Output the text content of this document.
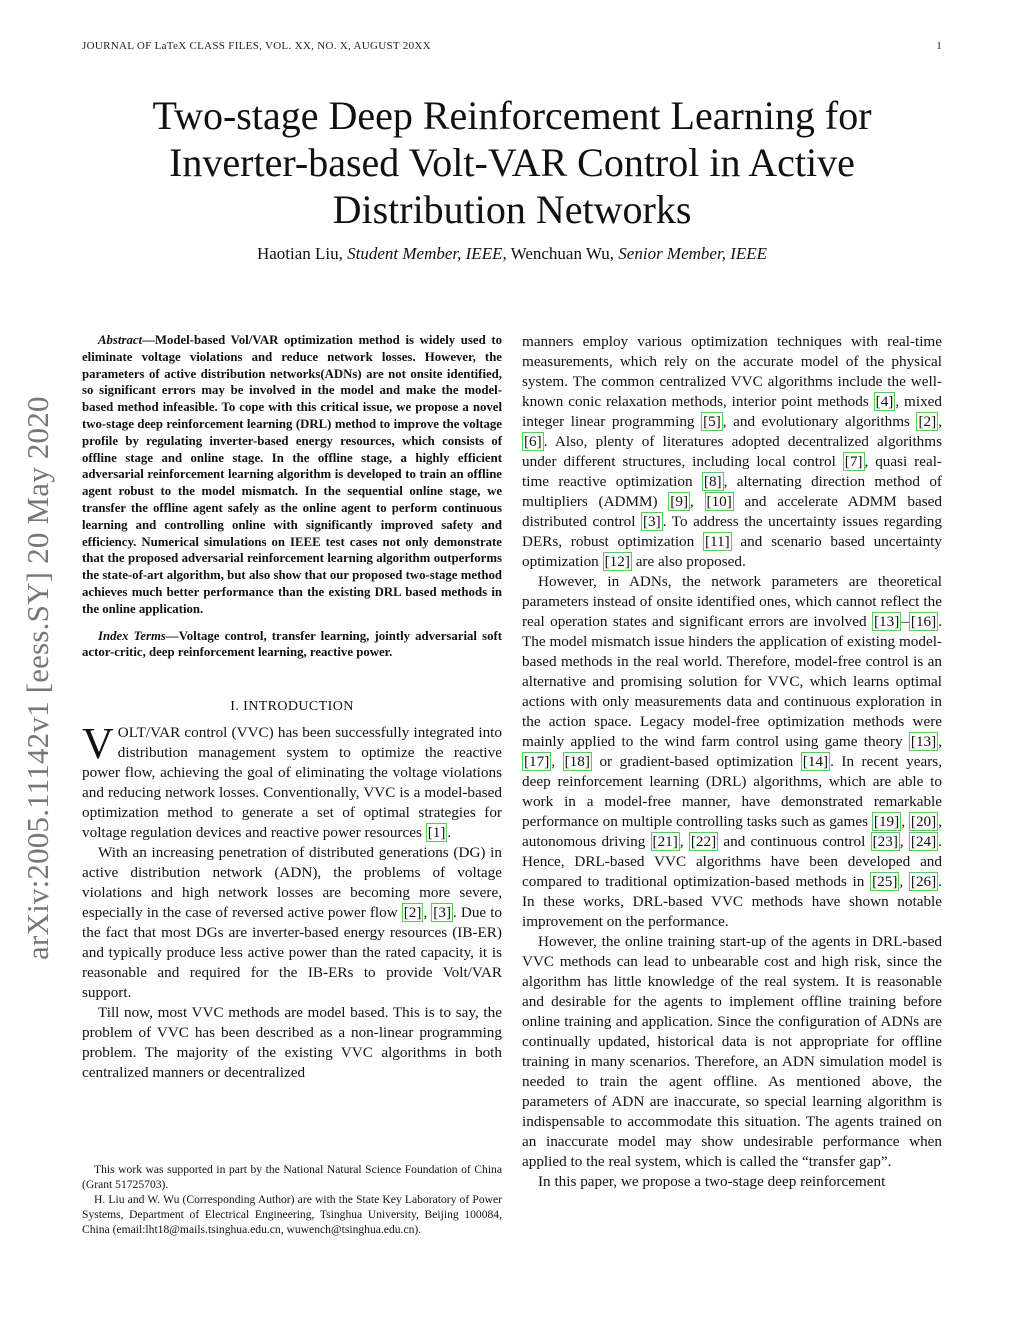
JOURNAL OF LaTeX CLASS FILES, VOL. XX, NO. X, AUGUST 20XX	1
Two-stage Deep Reinforcement Learning for
Inverter-based Volt-VAR Control in Active
Distribution Networks
Haotian Liu, Student Member, IEEE, Wenchuan Wu, Senior Member, IEEE
arXiv:2005.11142v1 [eess.SY] 20 May 2020

Abstract—Model-based Vol/VAR optimization method is widely used to eliminate voltage violations and reduce network losses. However, the parameters of active distribution networks(ADNs) are not onsite identified, so significant errors may be involved in the model and make the model-based method infeasible. To cope with this critical issue, we propose a novel two-stage deep reinforcement learning (DRL) method to improve the voltage profile by regulating inverter-based energy resources, which consists of offline stage and online stage. In the offline stage, a highly efficient adversarial reinforcement learning algorithm is developed to train an offline agent robust to the model mismatch. In the sequential online stage, we transfer the offline agent safely as the online agent to perform continuous learning and controlling online with significantly improved safety and efficiency. Numerical simulations on IEEE test cases not only demonstrate that the proposed adversarial reinforcement learning algorithm outperforms the state-of-art algorithm, but also show that our proposed two-stage method achieves much better performance than the existing DRL based methods in the online application.

Index Terms—Voltage control, transfer learning, jointly adversarial soft actor-critic, deep reinforcement learning, reactive power.

I. INTRODUCTION

VOLT/VAR control (VVC) has been successfully integrated into distribution management system to optimize the reactive power flow, achieving the goal of eliminating the voltage violations and reducing network losses. Conventionally, VVC is a model-based optimization method to generate a set of optimal strategies for voltage regulation devices and reactive power resources [1] .

With an increasing penetration of distributed generations (DG) in active distribution network (ADN), the problems of voltage violations and high network losses are becoming more severe, especially in the case of reversed active power flow [2] , [3] . Due to the fact that most DGs are inverter-based energy resources (IB-ER) and typically produce less active power than the rated capacity, it is reasonable and required for the IB-ERs to provide Volt/VAR support.

Till now, most VVC methods are model based. This is to say, the problem of VVC has been described as a non-linear programming problem. The majority of the existing VVC algorithms in both centralized manners or decentralized

This work was supported in part by the National Natural Science Foundation of China (Grant 51725703).

H. Liu and W. Wu (Corresponding Author) are with the State Key Laboratory of Power Systems, Department of Electrical Engineering, Tsinghua University, Beijing 100084, China (email:lht18@mails.tsinghua.edu.cn, wuwench@tsinghua.edu.cn).

manners employ various optimization techniques with real-time measurements, which rely on the accurate model of the physical system. The common centralized VVC algorithms include the well-known conic relaxation methods, interior point methods [4] , mixed integer linear programming [5] , and evolutionary algorithms [2] , [6] . Also, plenty of literatures adopted decentralized algorithms under different structures, including local control [7] , quasi real-time reactive optimization [8] , alternating direction method of multipliers (ADMM) [9] , [10] and accelerate ADMM based distributed control [3] . To address the uncertainty issues regarding DERs, robust optimization [11] and scenario based uncertainty optimization [12] are also proposed.

However, in ADNs, the network parameters are theoretical parameters instead of onsite identified ones, which cannot reflect the real operation states and significant errors are involved [13] – [16] . The model mismatch issue hinders the application of existing model-based methods in the real world. Therefore, model-free control is an alternative and promising solution for VVC, which learns optimal actions with only measurements data and continuous exploration in the action space. Legacy model-free optimization methods were mainly applied to the wind farm control using game theory [13] , [17] , [18] or gradient-based optimization [14] . In recent years, deep reinforcement learning (DRL) algorithms, which are able to work in a model-free manner, have demonstrated remarkable performance on multiple controlling tasks such as games [19] , [20] , autonomous driving [21] , [22] and continuous control [23] , [24] . Hence, DRL-based VVC algorithms have been developed and compared to traditional optimization-based methods in [25] , [26] . In these works, DRL-based VVC methods have shown notable improvement on the performance.

However, the online training start-up of the agents in DRL-based VVC methods can lead to unbearable cost and high risk, since the algorithm has little knowledge of the real system. It is reasonable and desirable for the agents to implement offline training before online training and application. Since the configuration of ADNs are continually updated, historical data is not appropriate for offline training in many scenarios. Therefore, an ADN simulation model is needed to train the agent offline. As mentioned above, the parameters of ADN are inaccurate, so special learning algorithm is indispensable to accommodate this situation. The agents trained on an inaccurate model may show undesirable performance when applied to the real system, which is called the “transfer gap”.

In this paper, we propose a two-stage deep reinforcement
